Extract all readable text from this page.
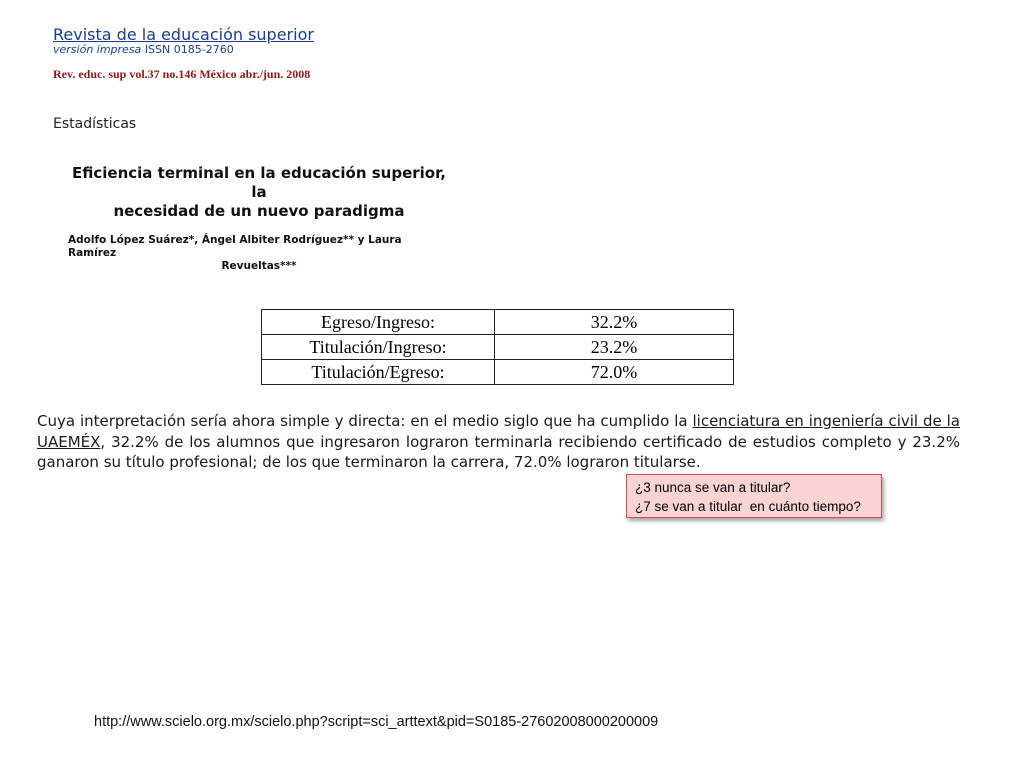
Revista de la educación superior
versión impresa ISSN 0185-2760
Rev. educ. sup vol.37 no.146 México abr./jun. 2008
Estadísticas
Eficiencia terminal en la educación superior, la
necesidad de un nuevo paradigma
Adolfo López Suárez*, Ángel Albiter Rodríguez** y Laura Ramírez
Revueltas***
Egreso/Ingreso:	32.2%
Titulación/Ingreso:	23.2%
Titulación/Egreso:	72.0%
Cuya interpretación sería ahora simple y directa: en el medio siglo que ha cumplido la licenciatura en ingeniería civil de la UAEMÉX, 32.2% de los alumnos que ingresaron lograron terminarla recibiendo certificado de estudios completo y 23.2% ganaron su título profesional; de los que terminaron la carrera, 72.0% lograron titularse.
¿3 nunca se van a titular?
¿7 se van a titular  en cuánto tiempo?
http://www.scielo.org.mx/scielo.php?script=sci_arttext&pid=S0185-27602008000200009
